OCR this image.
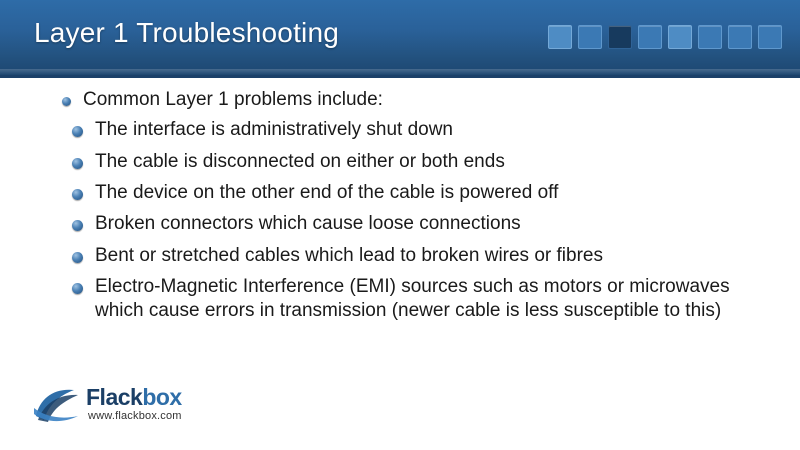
Layer 1 Troubleshooting
Common Layer 1 problems include:
The interface is administratively shut down
The cable is disconnected on either or both ends
The device on the other end of the cable is powered off
Broken connectors which cause loose connections
Bent or stretched cables which lead to broken wires or fibres
Electro-Magnetic Interference (EMI) sources such as motors or microwaves which cause errors in transmission (newer cable is less susceptible to this)
Flackbox
www.flackbox.com
